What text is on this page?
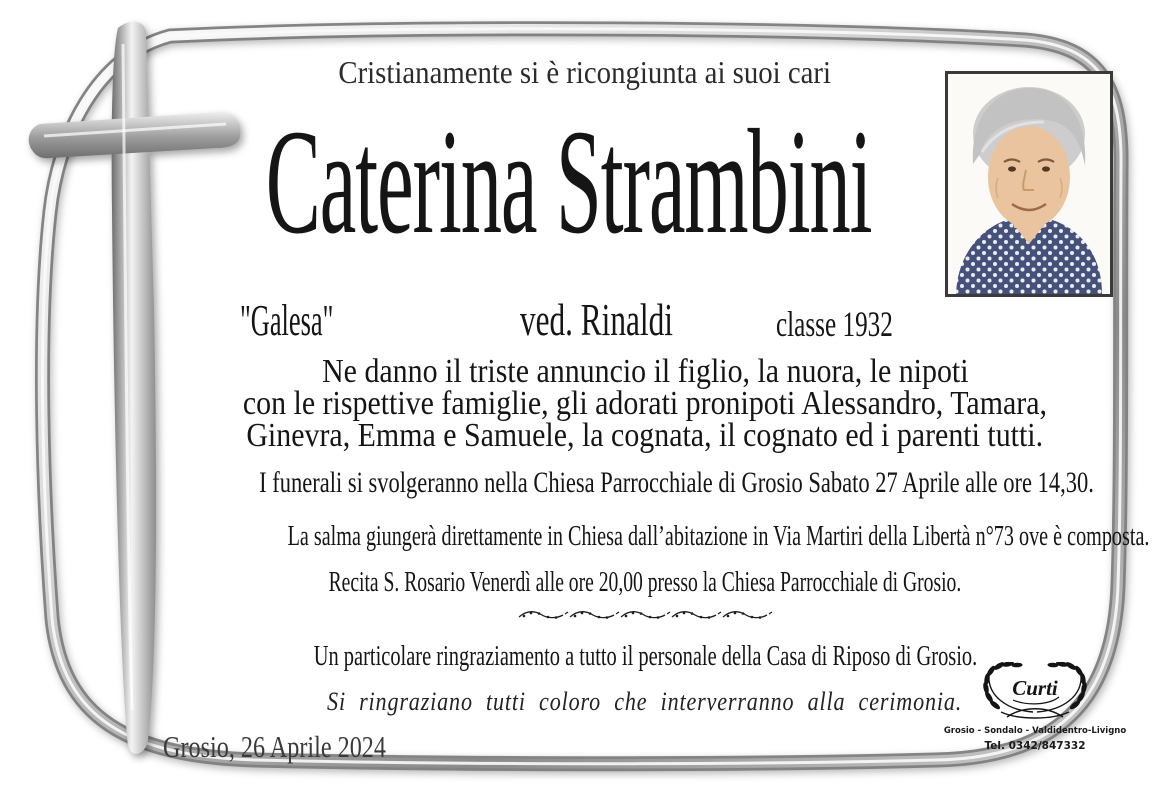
Cristianamente si è ricongiunta ai suoi cari
Caterina Strambini
"Galesa"	ved. Rinaldi	classe 1932
Ne danno il triste annuncio il figlio, la nuora, le nipoti
con le rispettive famiglie, gli adorati pronipoti Alessandro, Tamara,
Ginevra, Emma e Samuele, la cognata, il cognato ed i parenti tutti.
I funerali si svolgeranno nella Chiesa Parrocchiale di Grosio Sabato 27 Aprile alle ore 14,30.
La salma giungerà direttamente in Chiesa dall’abitazione in Via Martiri della Libertà n°73 ove è composta.
Recita S. Rosario Venerdì alle ore 20,00 presso la Chiesa Parrocchiale di Grosio.
Un particolare ringraziamento a tutto il personale della Casa di Riposo di Grosio.
Si ringraziano tutti coloro che interverranno alla cerimonia.
Grosio, 26 Aprile 2024
Curti
Grosio - Sondalo - Valdidentro-Livigno
Tel. 0342/847332
